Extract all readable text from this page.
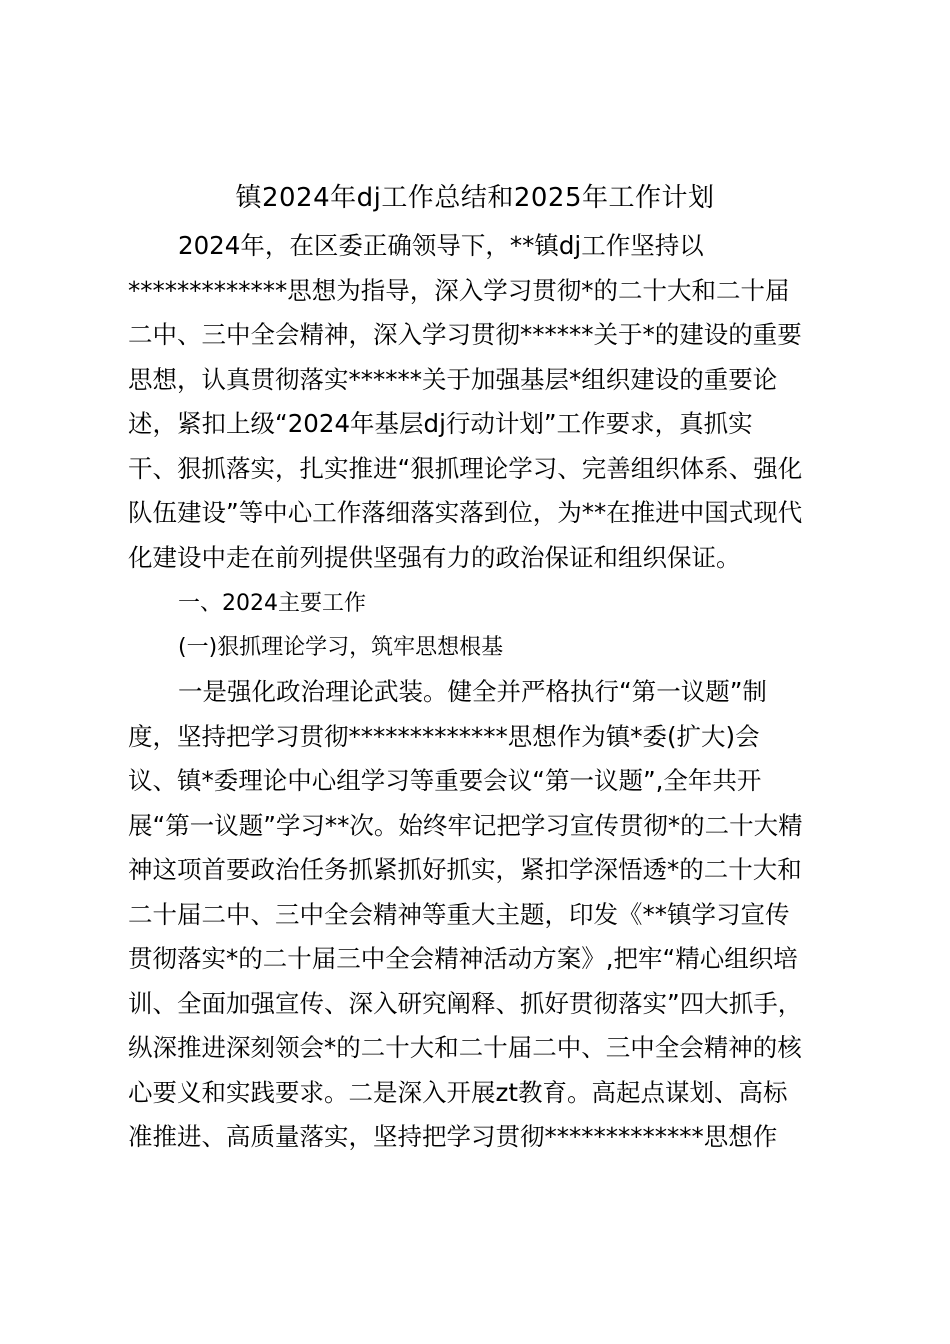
镇2024年dj工作总结和2025年工作计划
2024年，在区委正确领导下，**镇dj工作坚持以
*************思想为指导，深入学习贯彻*的二十大和二十届
二中、三中全会精神，深入学习贯彻******关于*的建设的重要
思想，认真贯彻落实******关于加强基层*组织建设的重要论
述，紧扣上级“2024年基层dj行动计划”工作要求，真抓实
干、狠抓落实，扎实推进“狠抓理论学习、完善组织体系、强化
队伍建设”等中心工作落细落实落到位，为**在推进中国式现代
化建设中走在前列提供坚强有力的政治保证和组织保证。
一、2024主要工作
(一)狠抓理论学习，筑牢思想根基
一是强化政治理论武装。健全并严格执行“第一议题”制
度，坚持把学习贯彻*************思想作为镇*委(扩大)会
议、镇*委理论中心组学习等重要会议“第一议题”,全年共开
展“第一议题”学习**次。始终牢记把学习宣传贯彻*的二十大精
神这项首要政治任务抓紧抓好抓实，紧扣学深悟透*的二十大和
二十届二中、三中全会精神等重大主题，印发《**镇学习宣传
贯彻落实*的二十届三中全会精神活动方案》,把牢“精心组织培
训、全面加强宣传、深入研究阐释、抓好贯彻落实”四大抓手，
纵深推进深刻领会*的二十大和二十届二中、三中全会精神的核
心要义和实践要求。二是深入开展zt教育。高起点谋划、高标
准推进、高质量落实，坚持把学习贯彻*************思想作
